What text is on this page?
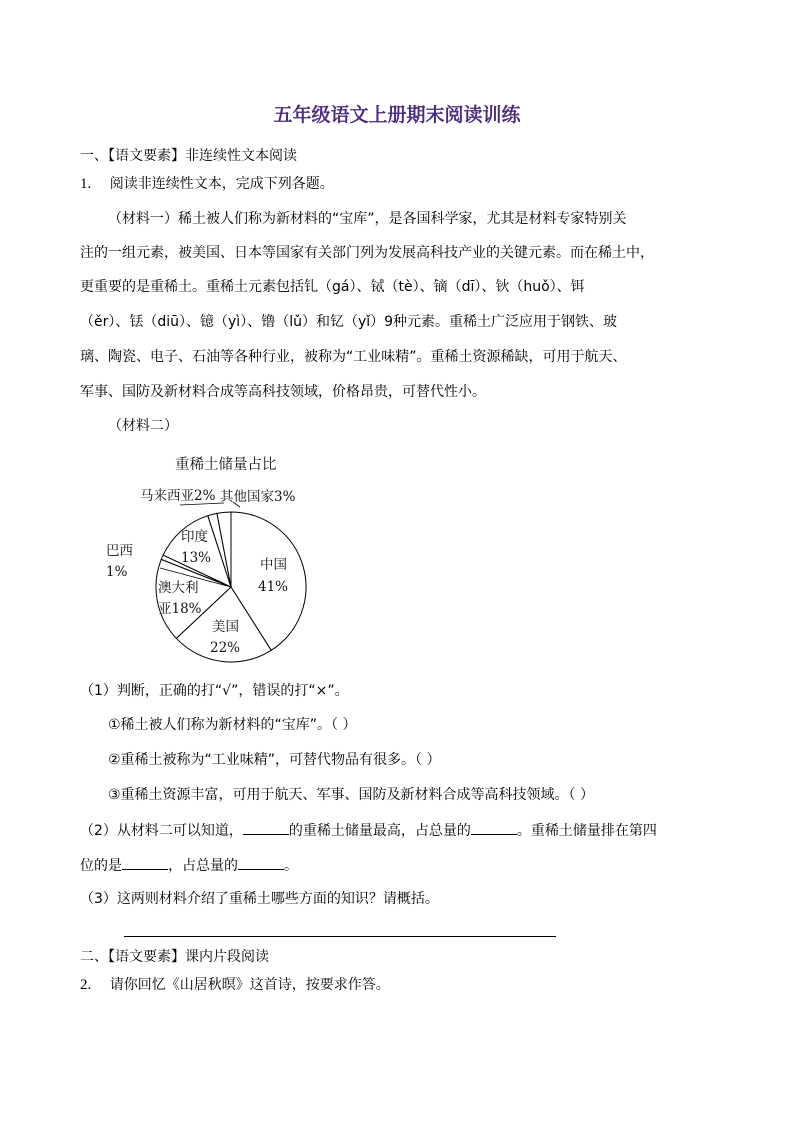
五年级语文上册期末阅读训练
一、【语文要素】非连续性文本阅读
1. 阅读非连续性文本，完成下列各题。
（材料一）稀土被人们称为新材料的“宝库”，是各国科学家，尤其是材料专家特别关
注的一组元素，被美国、日本等国家有关部门列为发展高科技产业的关键元素。而在稀土中，
更重要的是重稀土。重稀土元素包括钆（gá）、铽（tè）、镝（dī）、钬（huǒ）、铒
（ěr）、铥（diū）、镱（yì）、镥（lǔ）和钇（yǐ）9种元素。重稀土广泛应用于钢铁、玻
璃、陶瓷、电子、石油等各种行业，被称为“工业味精”。重稀土资源稀缺，可用于航天、
军事、国防及新材料合成等高科技领域，价格昂贵，可替代性小。
（材料二）
重稀土储量占比
中国
41%
美国
22%
澳大利
亚18%
巴西
1%
印度
13%
马来西亚2% 其他国家3%
（1）判断，正确的打“√”，错误的打“×”。
①稀土被人们称为新材料的“宝库”。（ ）
②重稀土被称为“工业味精”，可替代物品有很多。（ ）
③重稀土资源丰富，可用于航天、军事、国防及新材料合成等高科技领域。（ ）
（2）从材料二可以知道，	的重稀土储量最高，占总量的	。重稀土储量排在第四
位的是	，占总量的	。
（3）这两则材料介绍了重稀土哪些方面的知识？请概括。
二、【语文要素】课内片段阅读
2. 请你回忆《山居秋暝》这首诗，按要求作答。
